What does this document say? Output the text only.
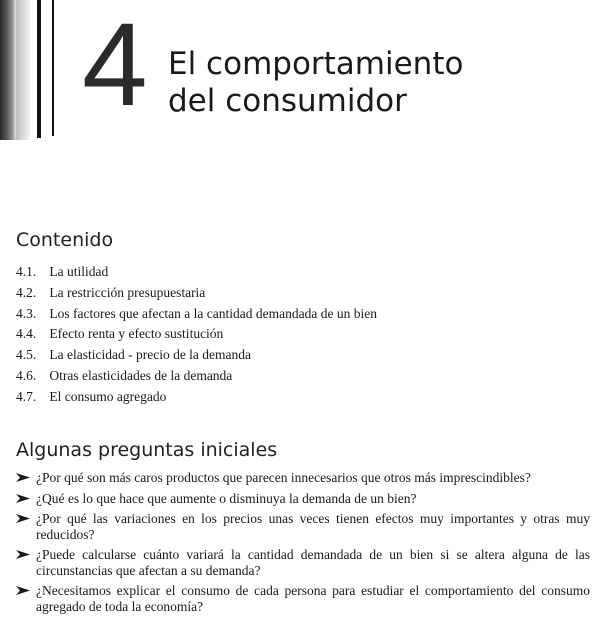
4 El comportamiento
del consumidor
Contenido
4.1. La utilidad
4.2. La restricción presupuestaria
4.3. Los factores que afectan a la cantidad demandada de un bien
4.4. Efecto renta y efecto sustitución
4.5. La elasticidad - precio de la demanda
4.6. Otras elasticidades de la demanda
4.7. El consumo agregado
Algunas preguntas iniciales
¿Por qué son más caros productos que parecen innecesarios que otros más imprescindibles?
¿Qué es lo que hace que aumente o disminuya la demanda de un bien?
¿Por qué las variaciones en los precios unas veces tienen efectos muy importantes y otras muy reducidos?
¿Puede calcularse cuánto variará la cantidad demandada de un bien si se altera alguna de las circunstancias que afectan a su demanda?
¿Necesitamos explicar el consumo de cada persona para estudiar el comportamiento del consumo agregado de toda la economía?
